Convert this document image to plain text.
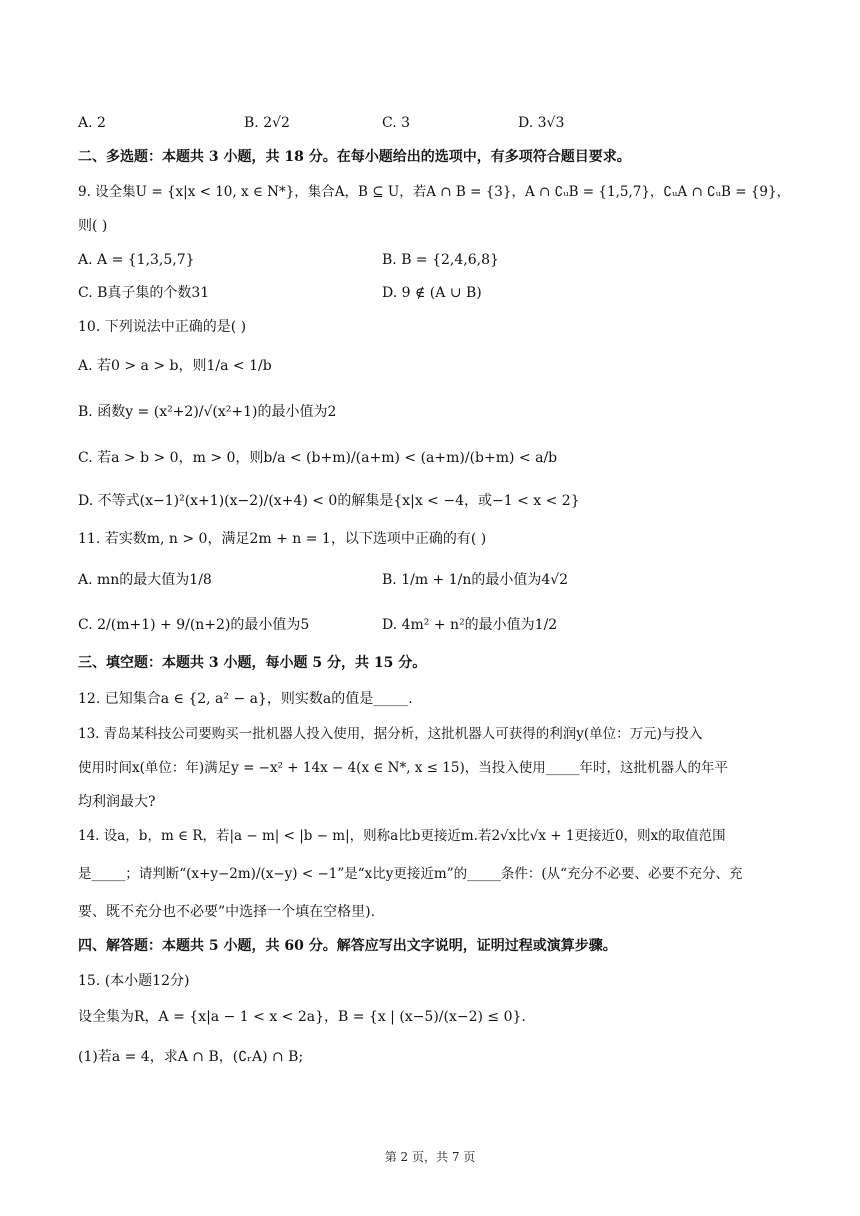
A. 2	B. 2√2	C. 3	D. 3√3
二、多选题：本题共 3 小题，共 18 分。在每小题给出的选项中，有多项符合题目要求。
9. 设全集U = {x|x < 10, x ∈ N*}，集合A，B ⊆ U，若A ∩ B = {3}，A ∩ ∁ᵤB = {1,5,7}，∁ᵤA ∩ ∁ᵤB = {9}，
则( )
A. A = {1,3,5,7}	B. B = {2,4,6,8}
C. B真子集的个数31	D. 9 ∉ (A ∪ B)
10. 下列说法中正确的是( )
A. 若0 > a > b，则1/a < 1/b
B. 函数y = (x²+2)/√(x²+1)的最小值为2
C. 若a > b > 0，m > 0，则b/a < (b+m)/(a+m) < (a+m)/(b+m) < a/b
D. 不等式(x−1)²(x+1)(x−2)/(x+4) < 0的解集是{x|x < −4，或−1 < x < 2}
11. 若实数m, n > 0，满足2m + n = 1，以下选项中正确的有( )
A. mn的最大值为1/8	B. 1/m + 1/n的最小值为4√2
C. 2/(m+1) + 9/(n+2)的最小值为5	D. 4m² + n²的最小值为1/2
三、填空题：本题共 3 小题，每小题 5 分，共 15 分。
12. 已知集合a ∈ {2, a² − a}，则实数a的值是_____.
13. 青岛某科技公司要购买一批机器人投入使用，据分析，这批机器人可获得的利润y(单位：万元)与投入
使用时间x(单位：年)满足y = −x² + 14x − 4(x ∈ N*, x ≤ 15)，当投入使用_____年时，这批机器人的年平
均利润最大?
14. 设a，b，m ∈ R，若|a − m| < |b − m|，则称a比b更接近m.若2√x比√x + 1更接近0，则x的取值范围
是_____；请判断“(x+y−2m)/(x−y) < −1”是“x比y更接近m”的_____条件：(从“充分不必要、必要不充分、充
要、既不充分也不必要”中选择一个填在空格里).
四、解答题：本题共 5 小题，共 60 分。解答应写出文字说明，证明过程或演算步骤。
15. (本小题12分)
设全集为R，A = {x|a − 1 < x < 2a}，B = {x | (x−5)/(x−2) ≤ 0}.
(1)若a = 4，求A ∩ B，(∁ᵣA) ∩ B;
第 2 页，共 7 页
